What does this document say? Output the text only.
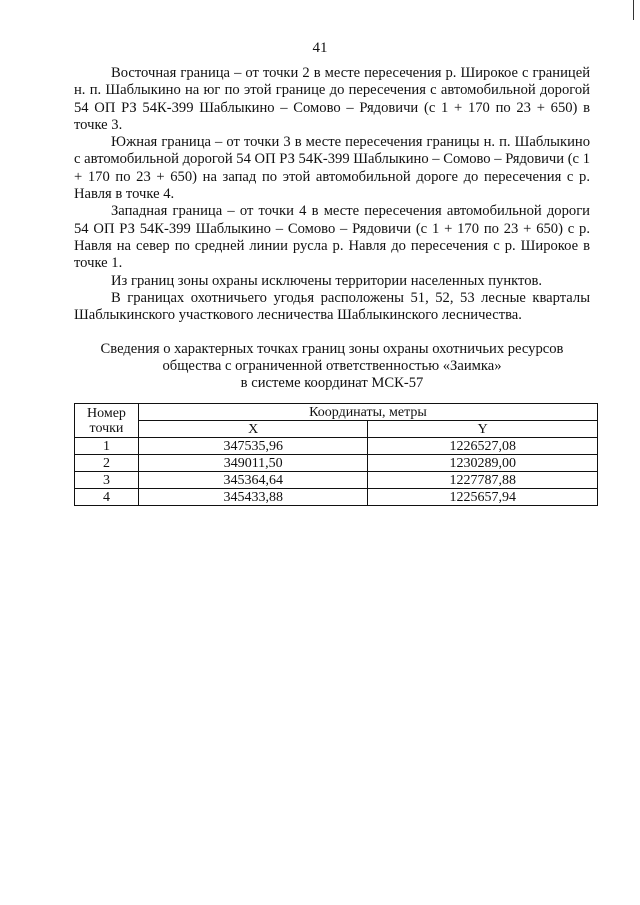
41

Восточная граница – от точки 2 в месте пересечения р. Широкое с границей н. п. Шаблыкино на юг по этой границе до пересечения с автомобильной дорогой 54 ОП РЗ 54К-399 Шаблыкино – Сомово – Рядовичи (с 1 + 170 по 23 + 650) в точке 3.

Южная граница – от точки 3 в месте пересечения границы н. п. Шаблыкино с автомобильной дорогой 54 ОП РЗ 54К-399 Шаблыкино – Сомово – Рядовичи (с 1 + 170 по 23 + 650) на запад по этой автомобильной дороге до пересечения с р. Навля в точке 4.

Западная граница – от точки 4 в месте пересечения автомобильной дороги 54 ОП РЗ 54К-399 Шаблыкино – Сомово – Рядовичи (с 1 + 170 по 23 + 650) с р. Навля на север по средней линии русла р. Навля до пересечения с р. Широкое в точке 1.

Из границ зоны охраны исключены территории населенных пунктов.

В границах охотничьего угодья расположены 51, 52, 53 лесные кварталы Шаблыкинского участкового лесничества Шаблыкинского лесничества.

Сведения о характерных точках границ зоны охраны охотничьих ресурсов
общества с ограниченной ответственностью «Заимка»
в системе координат МСК-57
Номер
точки	Координаты, метры	
	X	Y
1	347535,96	1226527,08
2	349011,50	1230289,00
3	345364,64	1227787,88
4	345433,88	1225657,94
